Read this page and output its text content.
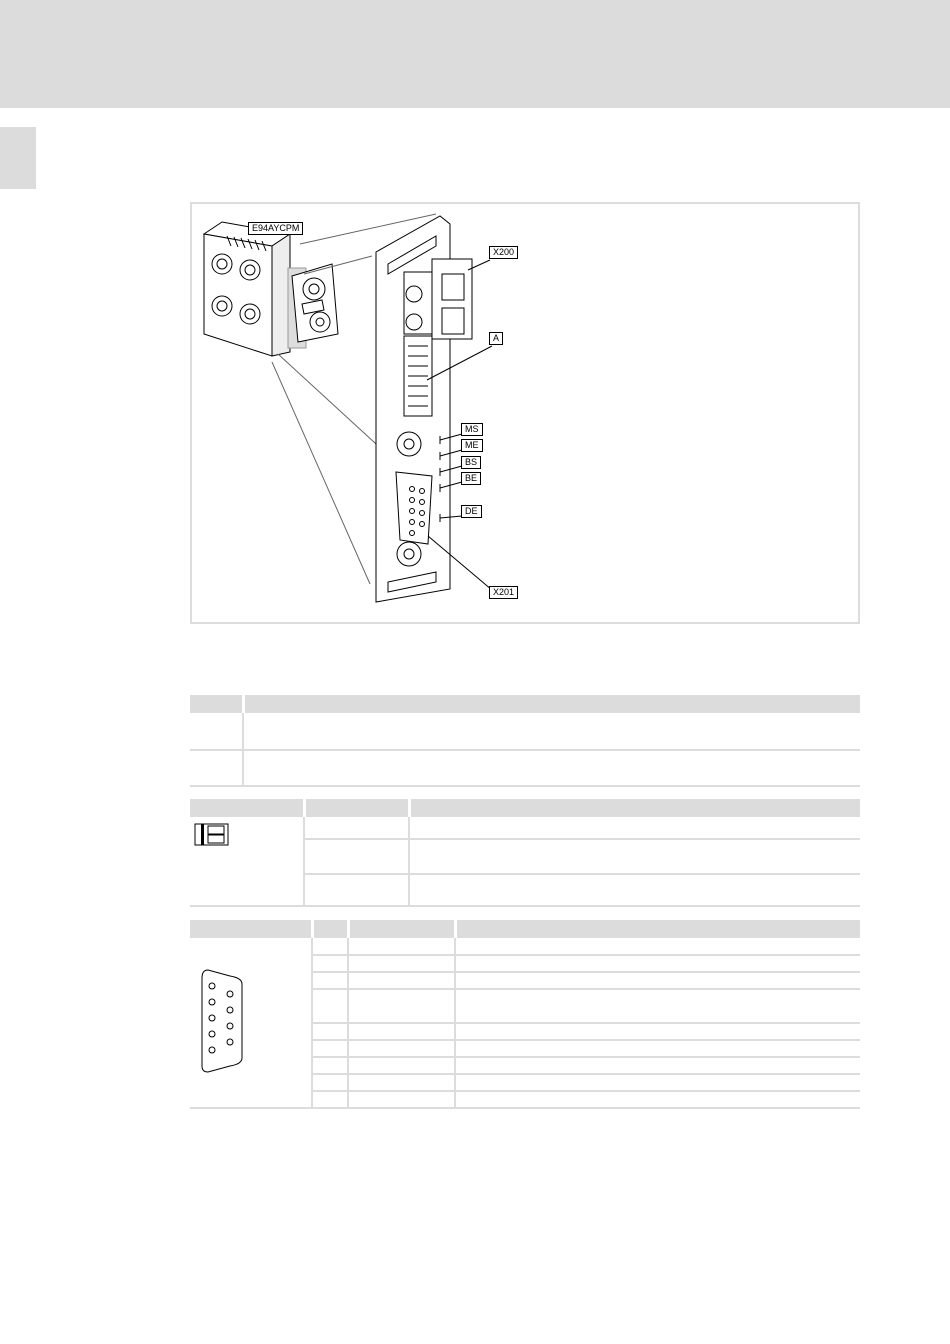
E94AYCPM
X200
A
MS
ME
BS
BE
DE
X201
